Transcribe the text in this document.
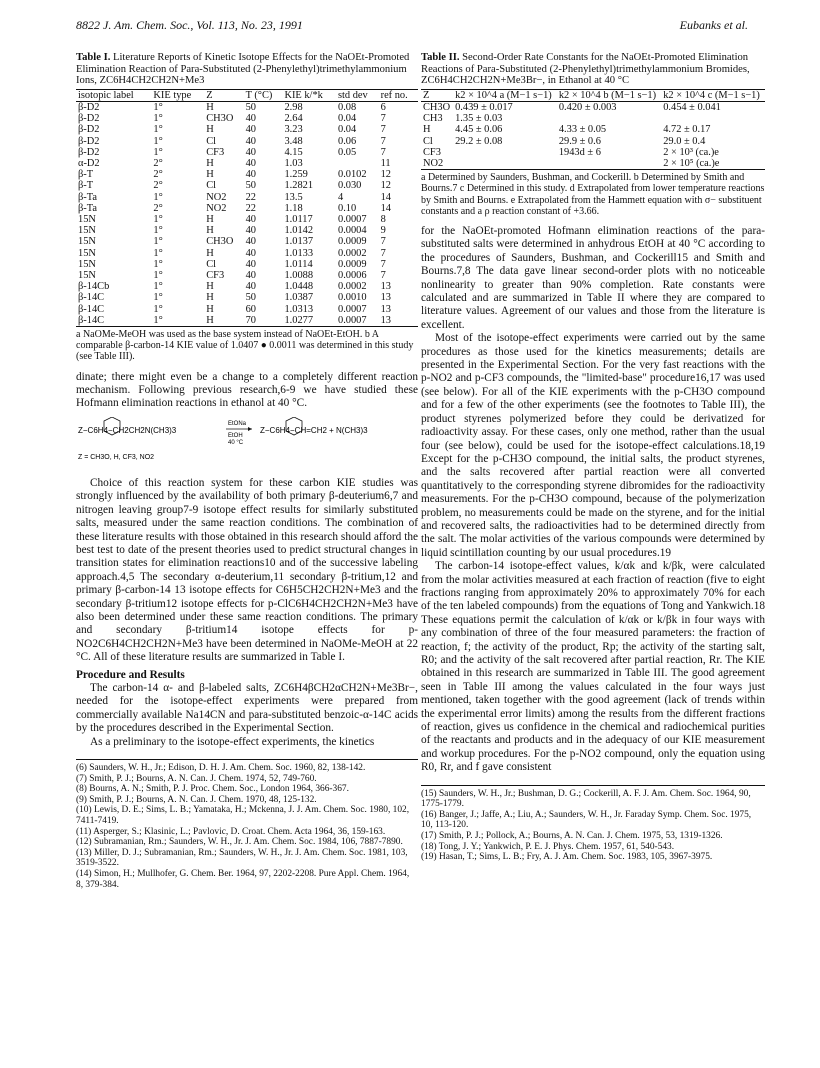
8822 J. Am. Chem. Soc., Vol. 113, No. 23, 1991	Eubanks et al.
Table I. Literature Reports of Kinetic Isotope Effects for the NaOEt-Promoted Elimination Reaction of Para-Substituted (2-Phenylethyl)trimethylammonium Ions, ZC6H4CH2CH2N+Me3
isotopic label	KIE type	Z	T (°C)	KIE k/*k	std dev	ref no.
β-D2	1°	H	50	2.98	0.08	6
β-D2	1°	CH3O	40	2.64	0.04	7
β-D2	1°	H	40	3.23	0.04	7
β-D2	1°	Cl	40	3.48	0.06	7
β-D2	1°	CF3	40	4.15	0.05	7
α-D2	2°	H	40	1.03		11
β-T	2°	H	40	1.259	0.0102	12
β-T	2°	Cl	50	1.2821	0.030	12
β-Ta	1°	NO2	22	13.5	4	14
β-Ta	2°	NO2	22	1.18	0.10	14
15N	1°	H	40	1.0117	0.0007	8
15N	1°	H	40	1.0142	0.0004	9
15N	1°	CH3O	40	1.0137	0.0009	7
15N	1°	H	40	1.0133	0.0002	7
15N	1°	Cl	40	1.0114	0.0009	7
15N	1°	CF3	40	1.0088	0.0006	7
β-14Cb	1°	H	40	1.0448	0.0002	13
β-14C	1°	H	50	1.0387	0.0010	13
β-14C	1°	H	60	1.0313	0.0007	13
β-14C	1°	H	70	1.0277	0.0007	13
a NaOMe-MeOH was used as the base system instead of NaOEt-EtOH. b A comparable β-carbon-14 KIE value of 1.0407 ● 0.0011 was determined in this study (see Table III).

dinate; there might even be a change to a completely different reaction mechanism. Following previous research,6-9 we have studied these Hofmann elimination reactions in ethanol at 40 °C.

Z−C6H4−CH2CH2N(CH3)3
EtONa
EtOH
40 °C
Z−C6H4−CH=CH2 + N(CH3)3
Z = CH3O, H, CF3, NO2

Choice of this reaction system for these carbon KIE studies was strongly influenced by the availability of both primary β-deuterium6,7 and nitrogen leaving group7-9 isotope effect results for similarly substituted salts, measured under the same reaction conditions. The combination of these literature results with those obtained in this research should afford the best test to date of the present theories used to predict structural changes in transition states for elimination reactions10 and of the successive labeling approach.4,5 The secondary α-deuterium,11 secondary β-tritium,12 and primary β-carbon-14 13 isotope effects for C6H5CH2CH2N+Me3 and the secondary β-tritium12 isotope effects for p-ClC6H4CH2CH2N+Me3 have also been determined under these same reaction conditions. The primary and secondary β-tritium14 isotope effects for p-NO2C6H4CH2CH2N+Me3 have been determined in NaOMe-MeOH at 22 °C. All of these literature results are summarized in Table I.

Procedure and Results

The carbon-14 α- and β-labeled salts, ZC6H4βCH2αCH2N+Me3Br−, needed for the isotope-effect experiments were prepared from commercially available Na14CN and para-substituted benzoic-α-14C acids by the procedures described in the Experimental Section.

As a preliminary to the isotope-effect experiments, the kinetics

(6) Saunders, W. H., Jr.; Edison, D. H. J. Am. Chem. Soc. 1960, 82, 138-142.
(7) Smith, P. J.; Bourns, A. N. Can. J. Chem. 1974, 52, 749-760.
(8) Bourns, A. N.; Smith, P. J. Proc. Chem. Soc., London 1964, 366-367.
(9) Smith, P. J.; Bourns, A. N. Can. J. Chem. 1970, 48, 125-132.
(10) Lewis, D. E.; Sims, L. B.; Yamataka, H.; Mckenna, J. J. Am. Chem. Soc. 1980, 102, 7411-7419.
(11) Asperger, S.; Klasinic, L.; Pavlovic, D. Croat. Chem. Acta 1964, 36, 159-163.
(12) Subramanian, Rm.; Saunders, W. H., Jr. J. Am. Chem. Soc. 1984, 106, 7887-7890.
(13) Miller, D. J.; Subramanian, Rm.; Saunders, W. H., Jr. J. Am. Chem. Soc. 1981, 103, 3519-3522.
(14) Simon, H.; Mullhofer, G. Chem. Ber. 1964, 97, 2202-2208. Pure Appl. Chem. 1964, 8, 379-384.
Table II. Second-Order Rate Constants for the NaOEt-Promoted Elimination Reactions of Para-Substituted (2-Phenylethyl)trimethylammonium Bromides, ZC6H4CH2CH2N+Me3Br−, in Ethanol at 40 °C
Z	k2 × 10^4 a (M−1 s−1)	k2 × 10^4 b (M−1 s−1)	k2 × 10^4 c (M−1 s−1)
CH3O	0.439 ± 0.017	0.420 ± 0.003	0.454 ± 0.041
CH3	1.35 ± 0.03		
H	4.45 ± 0.06	4.33 ± 0.05	4.72 ± 0.17
Cl	29.2 ± 0.08	29.9 ± 0.6	29.0 ± 0.4
CF3		1943d ± 6	2 × 10³ (ca.)e
NO2			2 × 10⁵ (ca.)e
a Determined by Saunders, Bushman, and Cockerill. b Determined by Smith and Bourns.7 c Determined in this study. d Extrapolated from lower temperature reactions by Smith and Bourns. e Extrapolated from the Hammett equation with σ− substituent constants and a ρ reaction constant of +3.66.

for the NaOEt-promoted Hofmann elimination reactions of the para-substituted salts were determined in anhydrous EtOH at 40 °C according to the procedures of Saunders, Bushman, and Cockerill15 and Smith and Bourns.7,8 The data gave linear second-order plots with no noticeable nonlinearity to greater than 90% completion. Rate constants were calculated and are summarized in Table II where they are compared to literature values. Agreement of our values and those from the literature is excellent.

Most of the isotope-effect experiments were carried out by the same procedures as those used for the kinetics measurements; details are presented in the Experimental Section. For the very fast reactions with the p-NO2 and p-CF3 compounds, the "limited-base" procedure16,17 was used (see below). For all of the KIE experiments with the p-CH3O compound and for a few of the other experiments (see the footnotes to Table III), the product styrenes polymerized before they could be derivatized for radioactivity assay. For these cases, only one method, rather than the usual four (see below), could be used for the isotope-effect calculations.18,19 Except for the p-CH3O compound, the initial salts, the product styrenes, and the salts recovered after partial reaction were all converted quantitatively to the corresponding styrene dibromides for the radioactivity measurements. For the p-CH3O compound, because of the polymerization problem, no measurements could be made on the styrene, and for the initial and recovered salts, the radioactivities had to be determined directly from the salt. The molar activities of the various compounds were determined by liquid scintillation counting by our usual procedures.19

The carbon-14 isotope-effect values, k/αk and k/βk, were calculated from the molar activities measured at each fraction of reaction (five to eight fractions ranging from approximately 20% to approximately 70% for each of the ten labeled compounds) from the equations of Tong and Yankwich.18 These equations permit the calculation of k/αk or k/βk in four ways with any combination of three of the four measured parameters: the fraction of reaction, f; the activity of the product, Rp; the activity of the starting salt, R0; and the activity of the salt recovered after partial reaction, Rr. The KIE obtained in this research are summarized in Table III. The good agreement seen in Table III among the values calculated in the four ways just mentioned, taken together with the good agreement (lack of trends within the experimental error limits) among the results from the different fractions of reaction, gives us confidence in the chemical and radiochemical purities of the reactants and products and in the adequacy of our KIE measurement and workup procedures. For the p-NO2 compound, only the equation using R0, Rr, and f gave consistent

(15) Saunders, W. H., Jr.; Bushman, D. G.; Cockerill, A. F. J. Am. Chem. Soc. 1964, 90, 1775-1779.
(16) Banger, J.; Jaffe, A.; Liu, A.; Saunders, W. H., Jr. Faraday Symp. Chem. Soc. 1975, 10, 113-120.
(17) Smith, P. J.; Pollock, A.; Bourns, A. N. Can. J. Chem. 1975, 53, 1319-1326.
(18) Tong, J. Y.; Yankwich, P. E. J. Phys. Chem. 1957, 61, 540-543.
(19) Hasan, T.; Sims, L. B.; Fry, A. J. Am. Chem. Soc. 1983, 105, 3967-3975.
